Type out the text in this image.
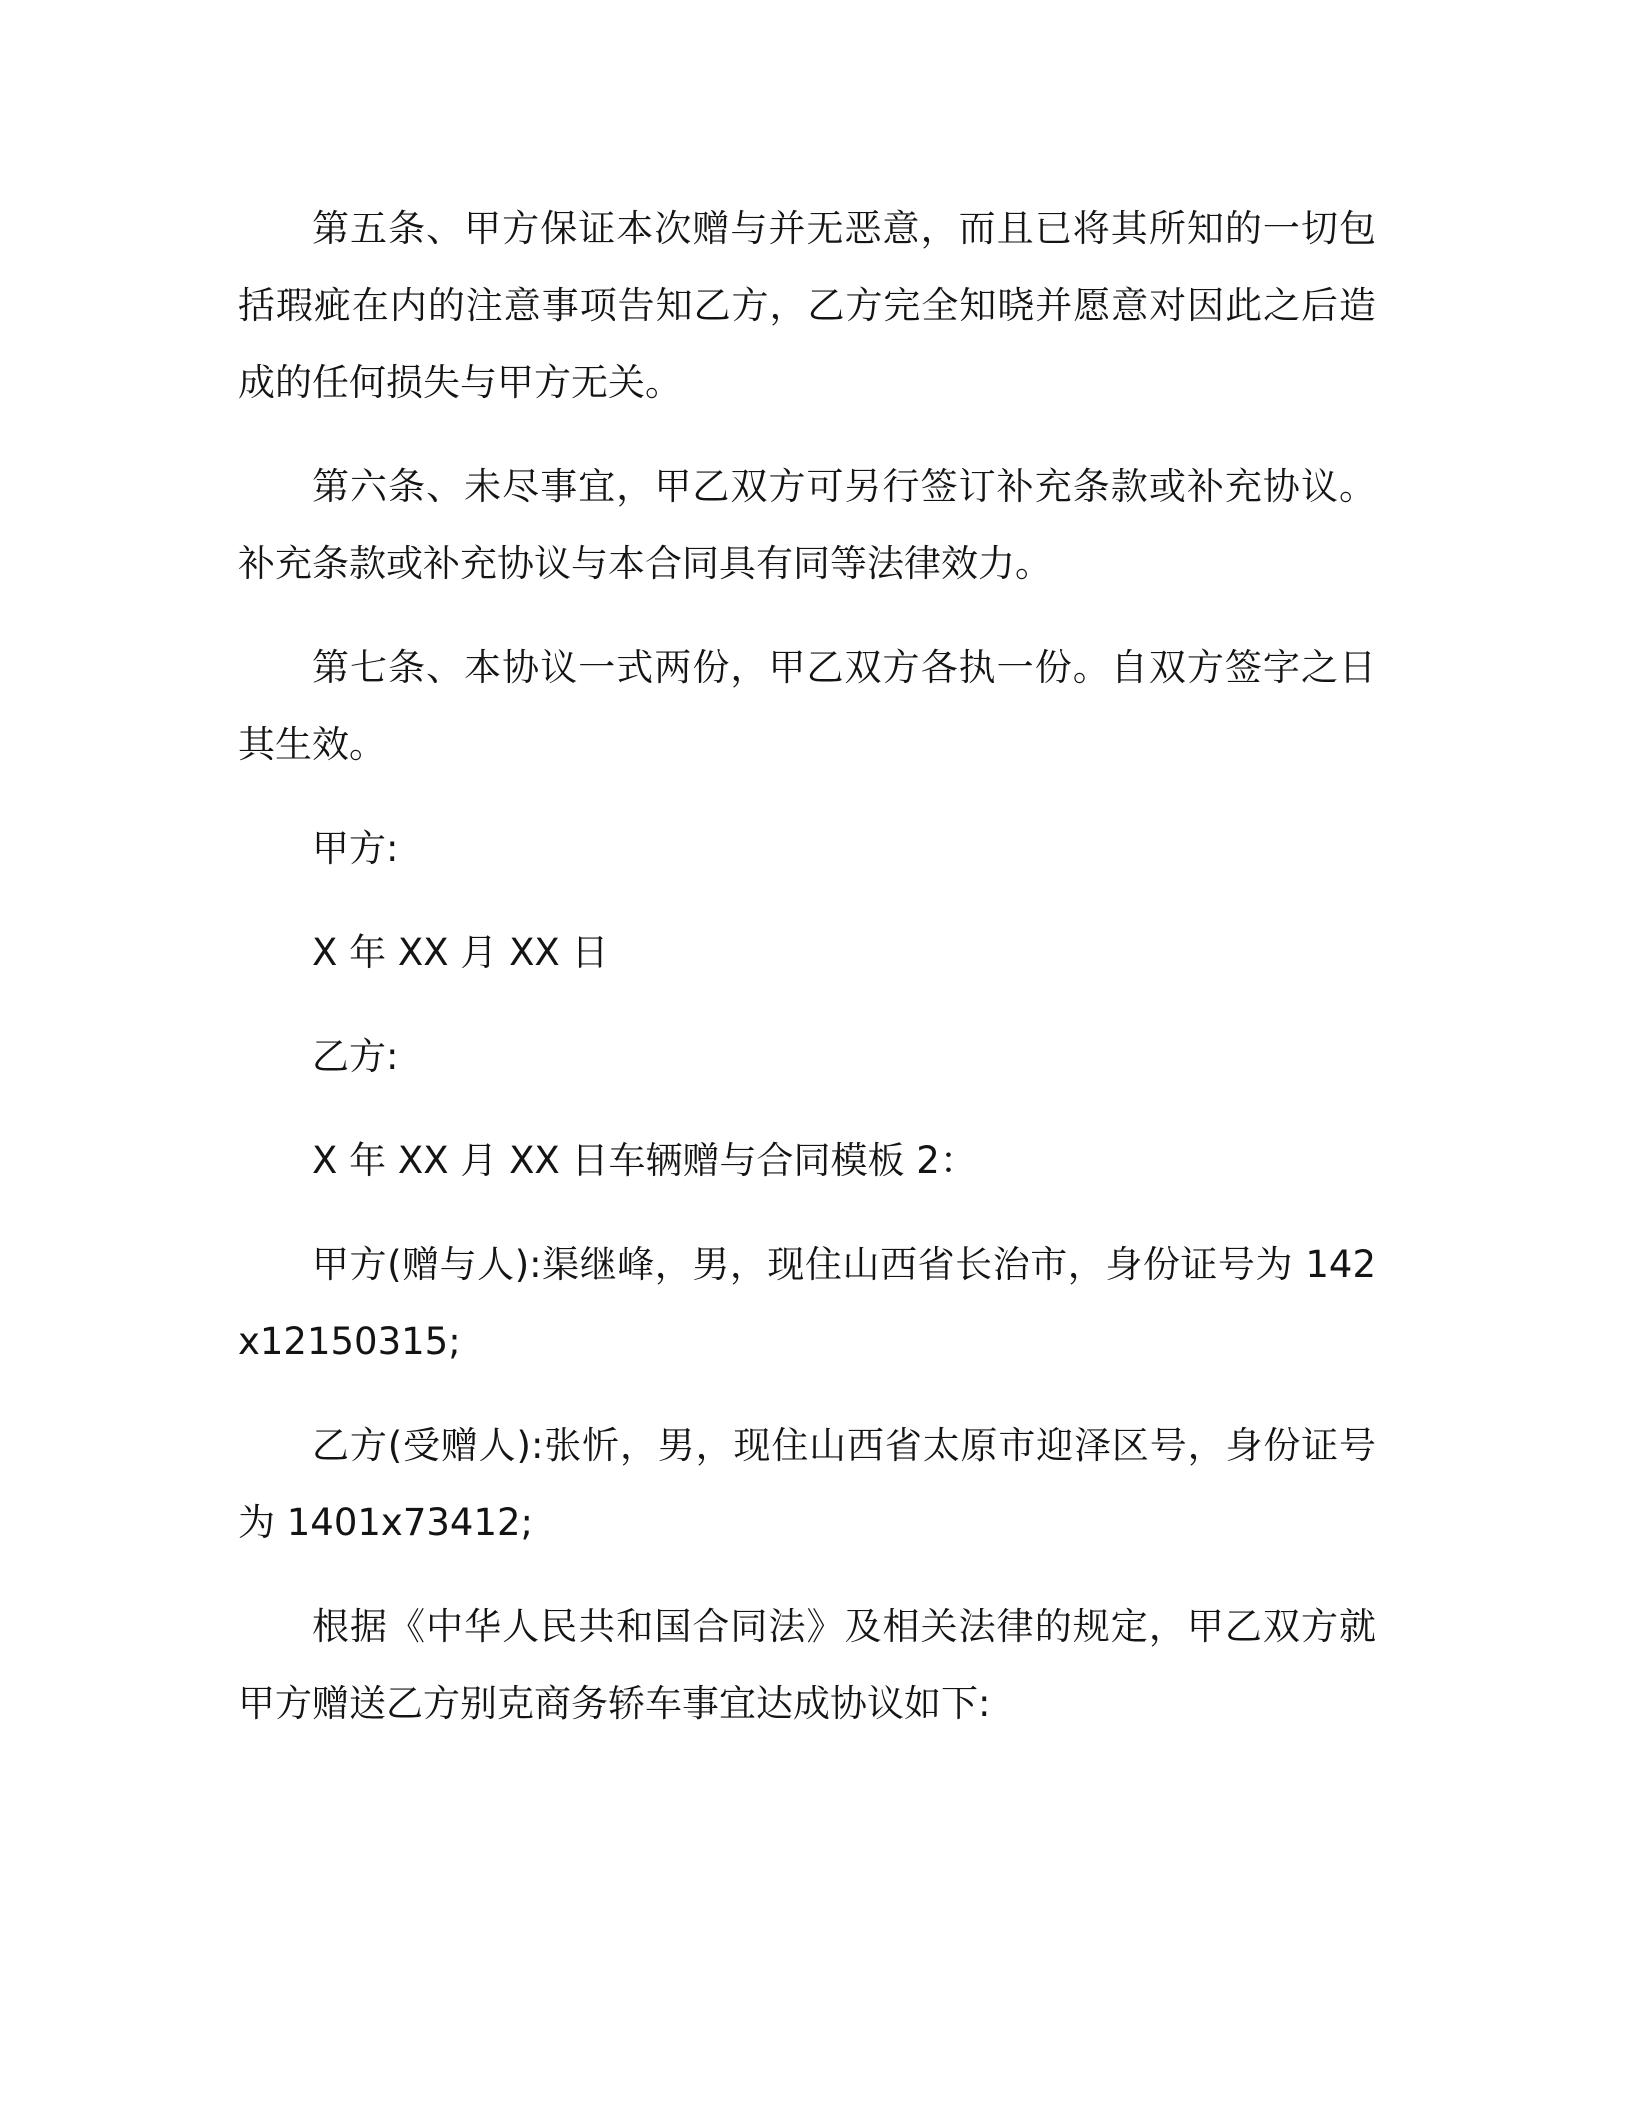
第五条、甲方保证本次赠与并无恶意，而且已将其所知的一切包括瑕疵在内的注意事项告知乙方，乙方完全知晓并愿意对因此之后造成的任何损失与甲方无关。

第六条、未尽事宜，甲乙双方可另行签订补充条款或补充协议。补充条款或补充协议与本合同具有同等法律效力。

第七条、本协议一式两份，甲乙双方各执一份。自双方签字之日其生效。

甲方:

X 年 XX 月 XX 日

乙方:

X 年 XX 月 XX 日车辆赠与合同模板 2：

甲方(赠与人):渠继峰，男，现住山西省长治市，身份证号为 142x12150315;

乙方(受赠人):张忻，男，现住山西省太原市迎泽区号，身份证号为 1401x73412;

根据《中华人民共和国合同法》及相关法律的规定，甲乙双方就甲方赠送乙方别克商务轿车事宜达成协议如下:
